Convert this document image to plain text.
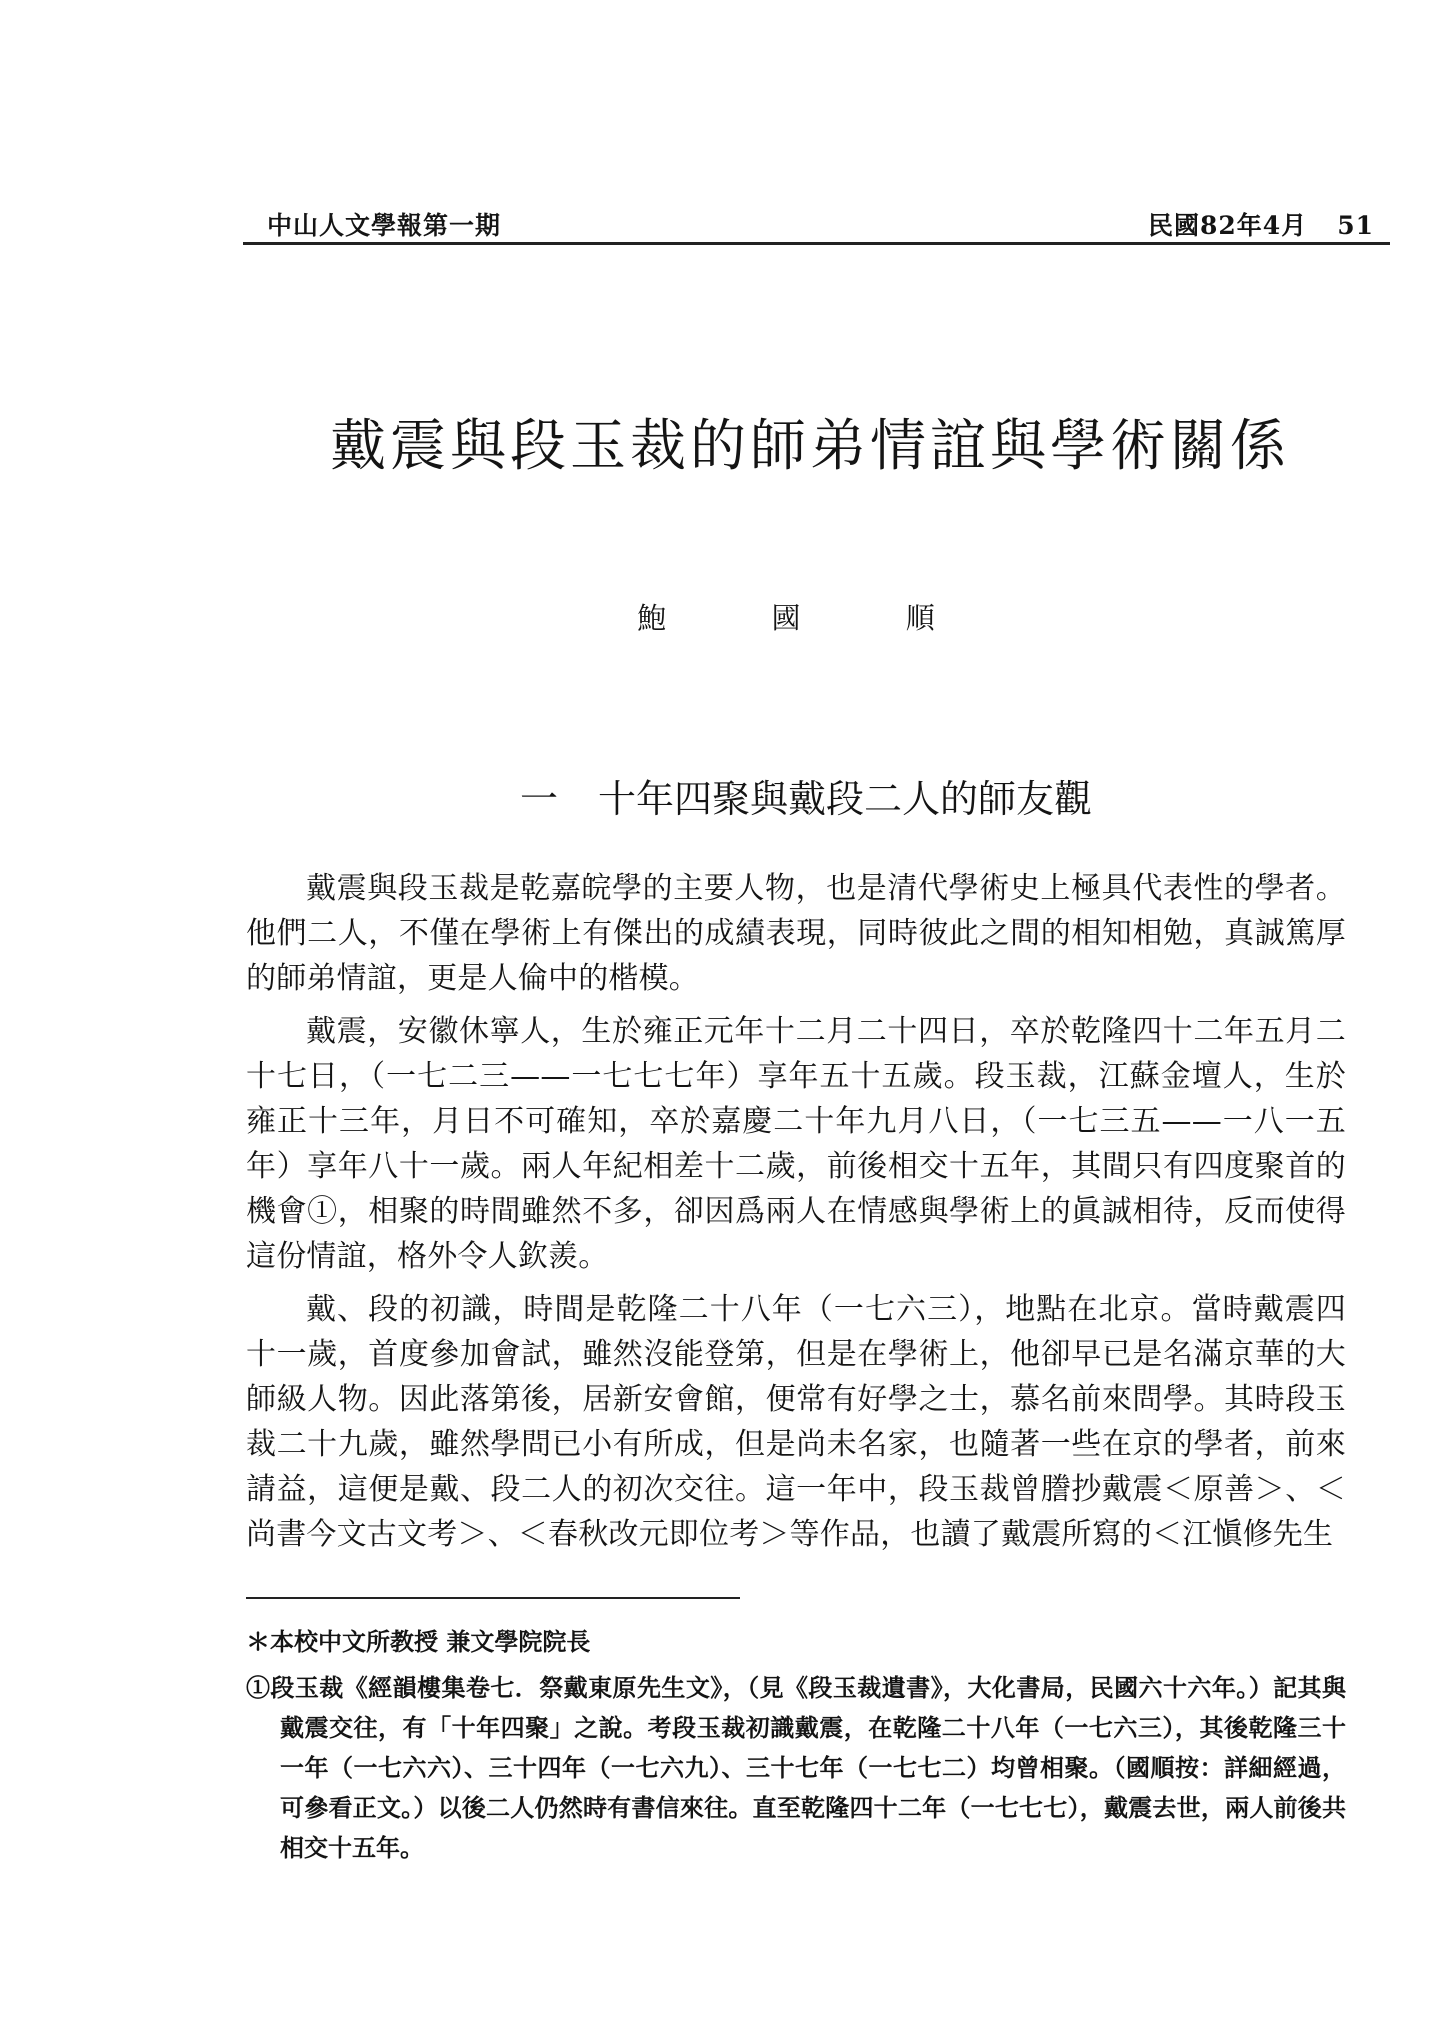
中山人文學報第一期	民國82年4月 51
戴震與段玉裁的師弟情誼與學術關係
鮑 國 順
一 十年四聚與戴段二人的師友觀

戴震與段玉裁是乾嘉皖學的主要人物，也是清代學術史上極具代表性的學者。他們二人，不僅在學術上有傑出的成績表現，同時彼此之間的相知相勉，真誠篤厚的師弟情誼，更是人倫中的楷模。

戴震，安徽休寧人，生於雍正元年十二月二十四日，卒於乾隆四十二年五月二十七日，（一七二三——一七七七年）享年五十五歲。段玉裁，江蘇金壇人，生於雍正十三年，月日不可確知，卒於嘉慶二十年九月八日，（一七三五——一八一五年）享年八十一歲。兩人年紀相差十二歲，前後相交十五年，其間只有四度聚首的機會①，相聚的時間雖然不多，卻因爲兩人在情感與學術上的眞誠相待，反而使得這份情誼，格外令人欽羨。

戴、段的初識，時間是乾隆二十八年（一七六三），地點在北京。當時戴震四十一歲，首度參加會試，雖然沒能登第，但是在學術上，他卻早已是名滿京華的大師級人物。因此落第後，居新安會館，便常有好學之士，慕名前來問學。其時段玉裁二十九歲，雖然學問已小有所成，但是尚未名家，也隨著一些在京的學者，前來請益，這便是戴、段二人的初次交往。這一年中，段玉裁曾謄抄戴震＜原善＞、＜尚書今文古文考＞、＜春秋改元即位考＞等作品，也讀了戴震所寫的＜江愼修先生

＊本校中文所教授 兼文學院院長

①段玉裁《經韻樓集卷七．祭戴東原先生文》，（見《段玉裁遺書》，大化書局，民國六十六年。）記其與戴震交往，有「十年四聚」之說。考段玉裁初識戴震，在乾隆二十八年（一七六三），其後乾隆三十一年（一七六六）、三十四年（一七六九）、三十七年（一七七二）均曾相聚。（國順按：詳細經過，可參看正文。）以後二人仍然時有書信來往。直至乾隆四十二年（一七七七），戴震去世，兩人前後共相交十五年。
